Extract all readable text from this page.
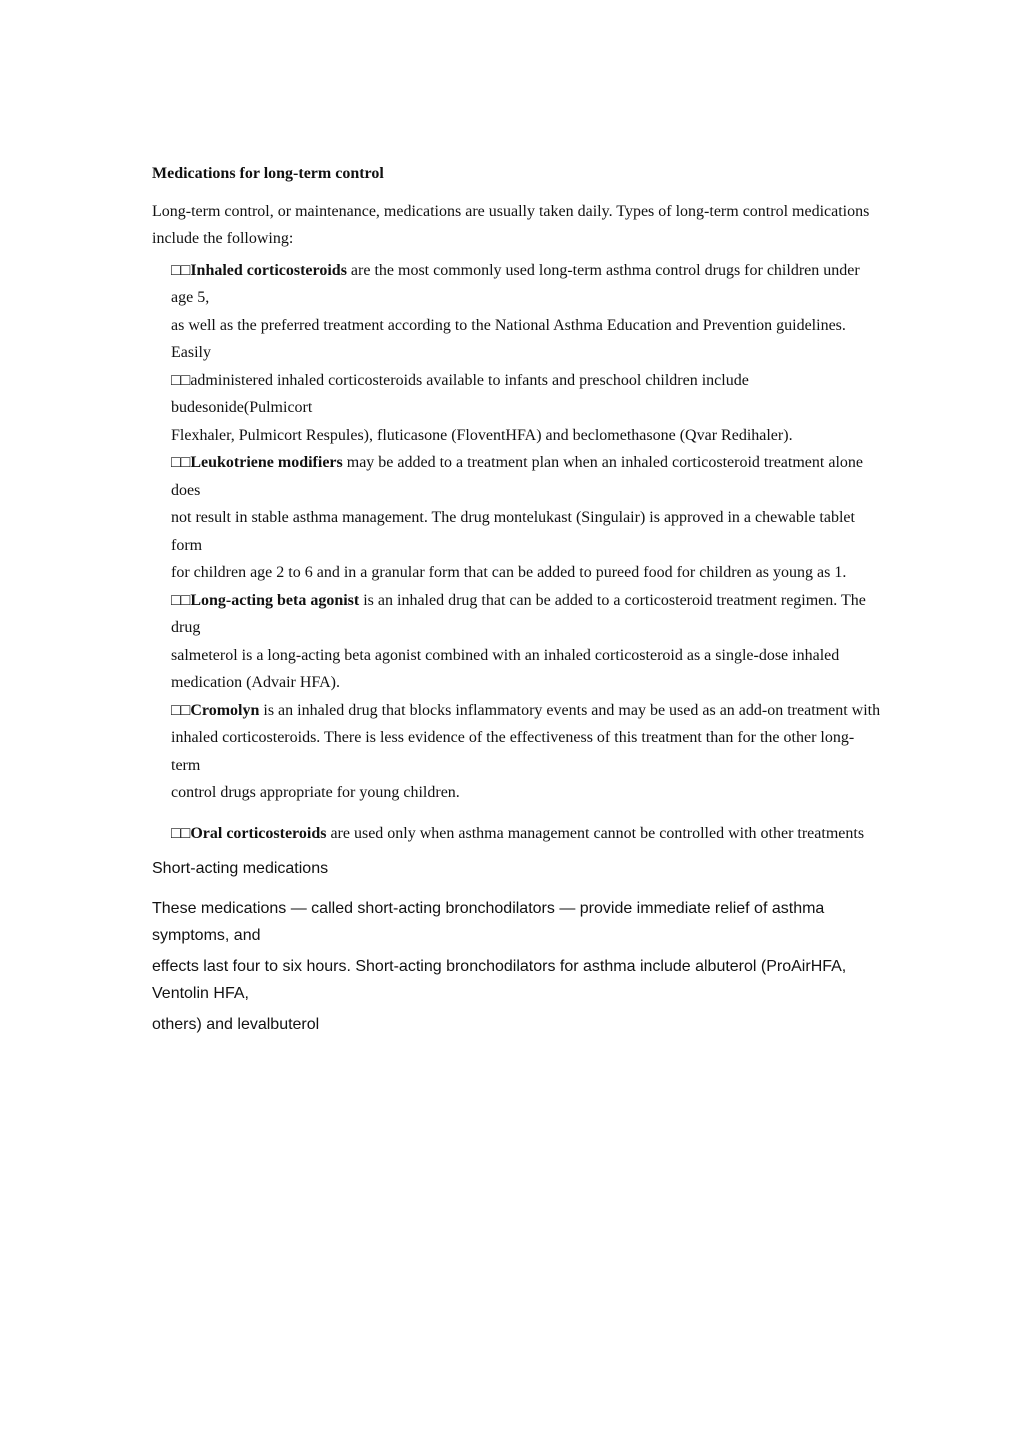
Medications for long-term control

Long-term control, or maintenance, medications are usually taken daily. Types of long-term control medications include the following:

□□Inhaled corticosteroids are the most commonly used long-term asthma control drugs for children under age 5,
as well as the preferred treatment according to the National Asthma Education and Prevention guidelines. Easily
□□administered inhaled corticosteroids available to infants and preschool children include budesonide(Pulmicort
Flexhaler, Pulmicort Respules), fluticasone (FloventHFA) and beclomethasone (Qvar Redihaler).
□□Leukotriene modifiers may be added to a treatment plan when an inhaled corticosteroid treatment alone does
not result in stable asthma management. The drug montelukast (Singulair) is approved in a chewable tablet form
for children age 2 to 6 and in a granular form that can be added to pureed food for children as young as 1.
□□Long-acting beta agonist is an inhaled drug that can be added to a corticosteroid treatment regimen. The drug
salmeterol is a long-acting beta agonist combined with an inhaled corticosteroid as a single-dose inhaled medication (Advair HFA).
□□Cromolyn is an inhaled drug that blocks inflammatory events and may be used as an add-on treatment with
inhaled corticosteroids. There is less evidence of the effectiveness of this treatment than for the other long-term
control drugs appropriate for young children.
□□Oral corticosteroids are used only when asthma management cannot be controlled with other treatments

Short-acting medications

These medications — called short-acting bronchodilators — provide immediate relief of asthma symptoms, and

effects last four to six hours. Short-acting bronchodilators for asthma include albuterol (ProAirHFA, Ventolin HFA,

others) and levalbuterol
